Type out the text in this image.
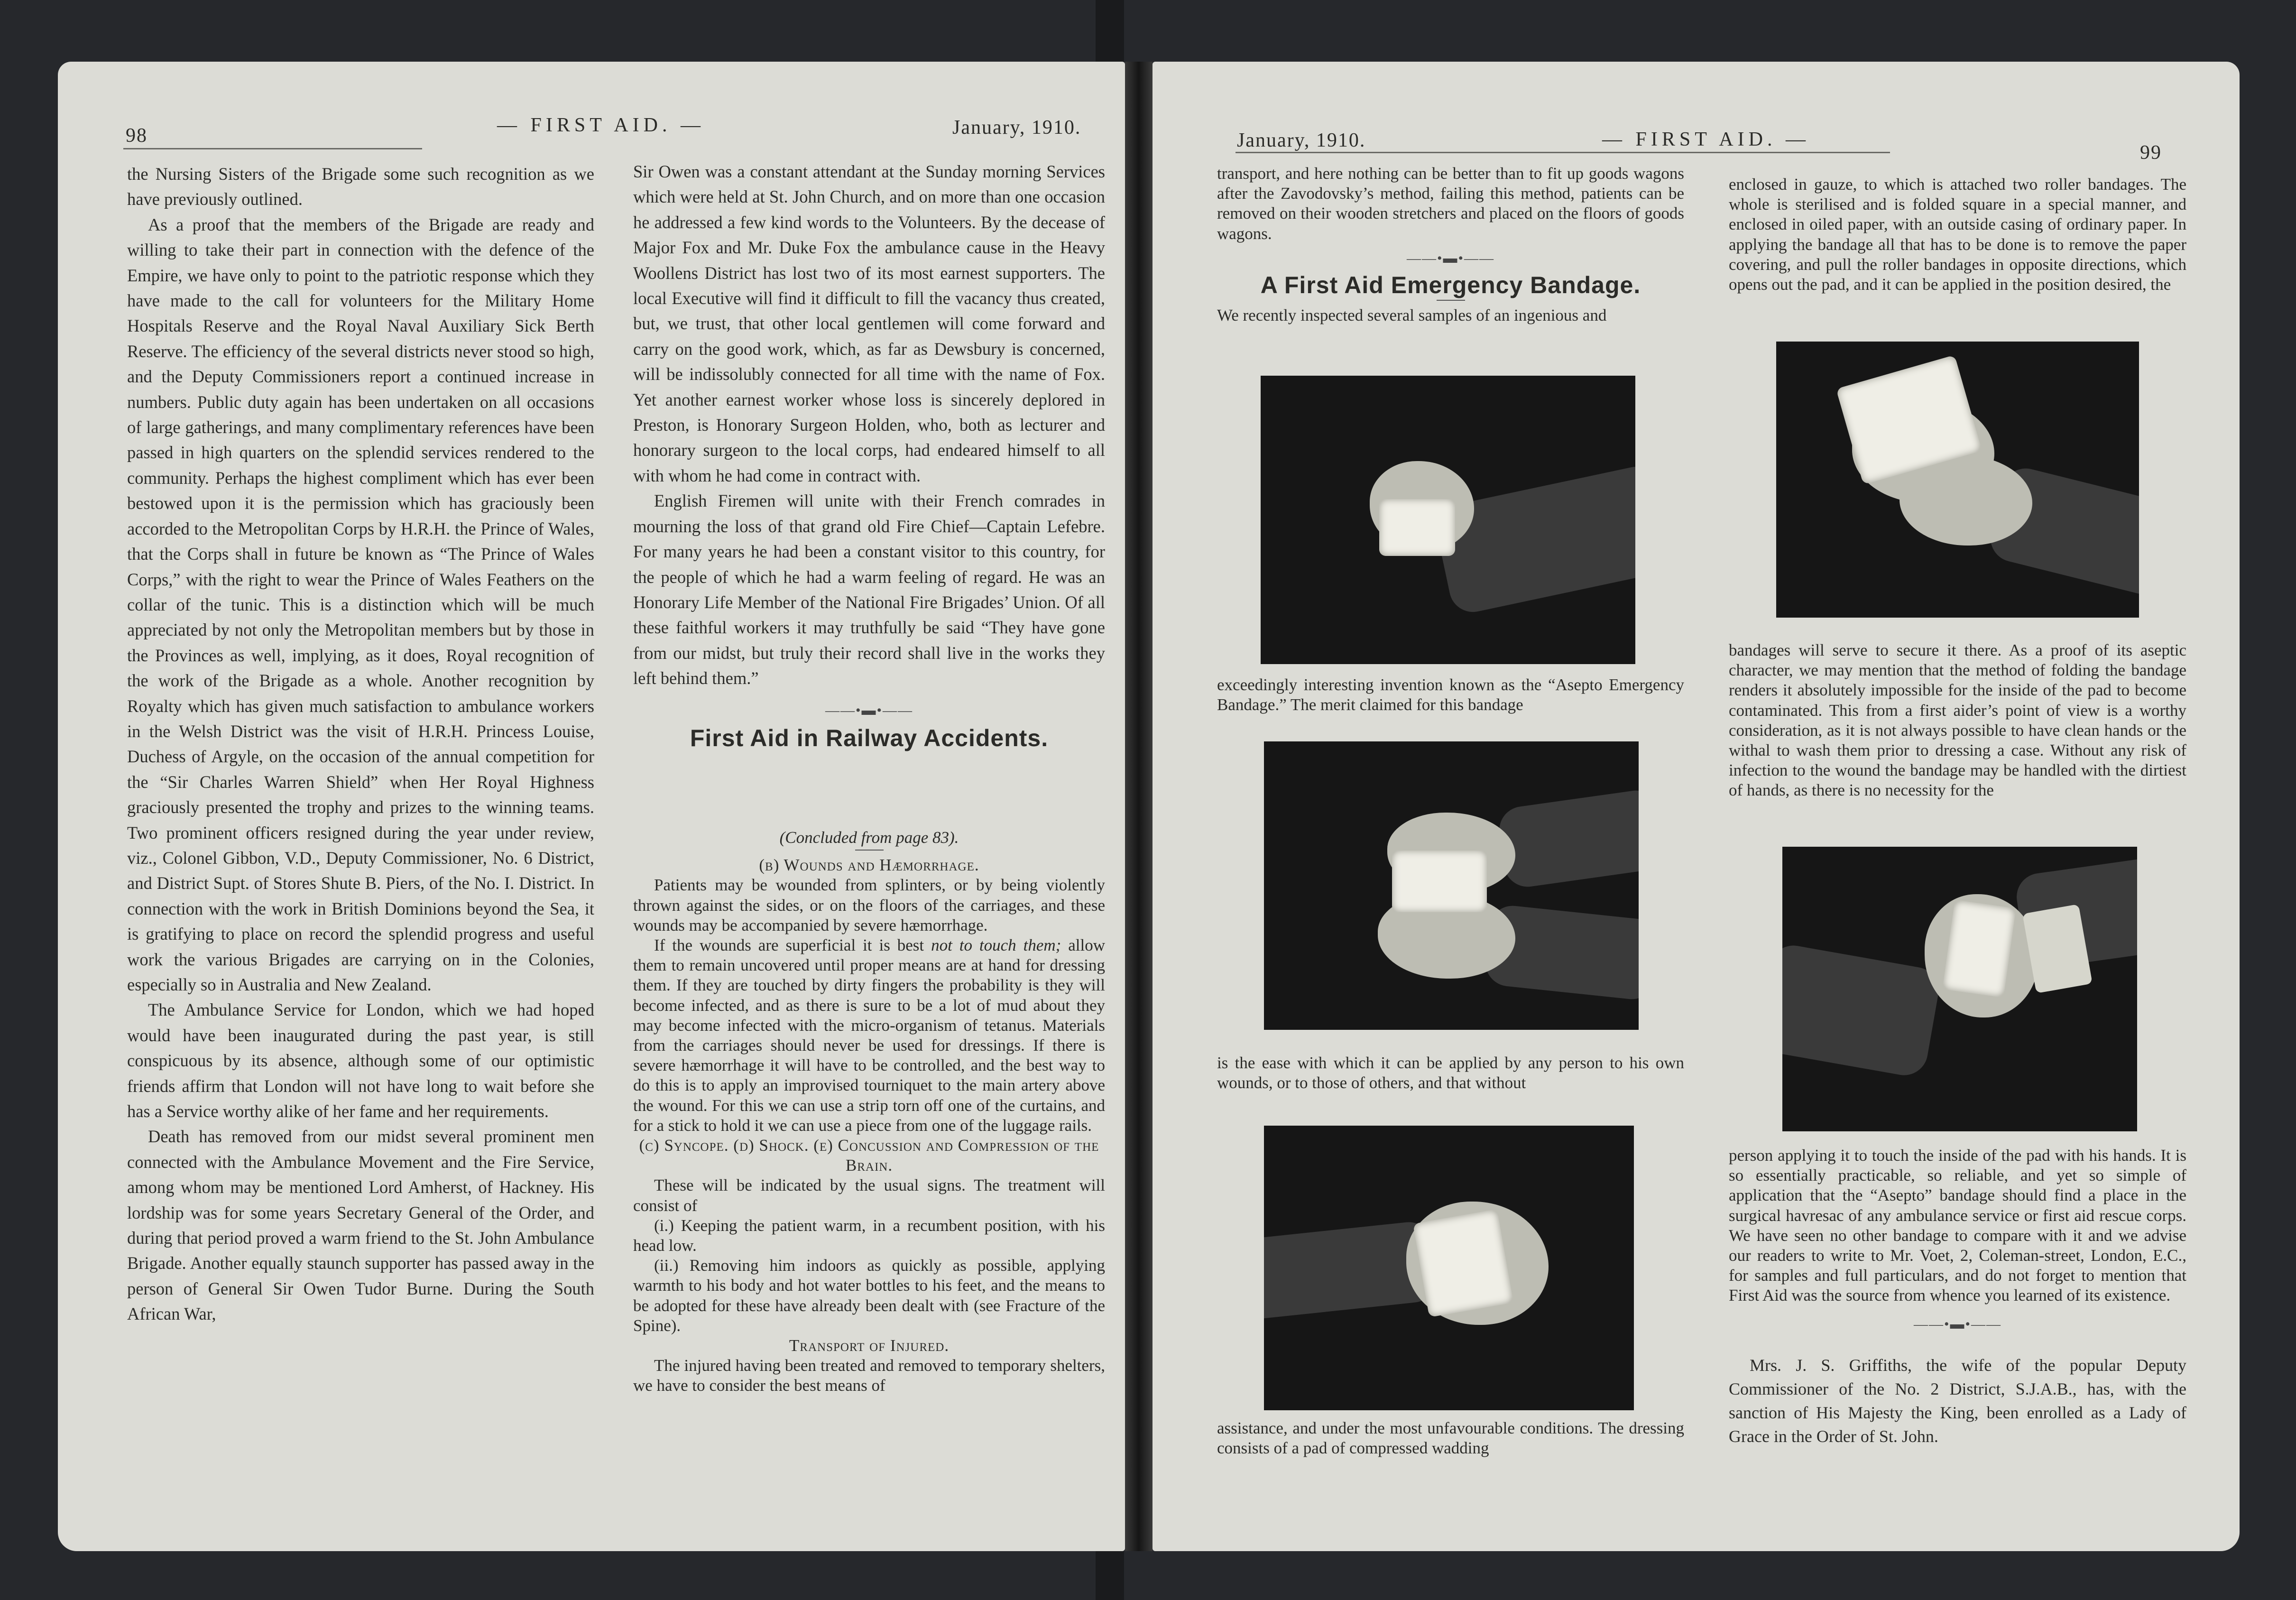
98	— FIRST AID. —	January, 1910.

the Nursing Sisters of the Brigade some such recognition as we have previously outlined.

As a proof that the members of the Brigade are ready and willing to take their part in connection with the defence of the Empire, we have only to point to the patriotic response which they have made to the call for volunteers for the Military Home Hospitals Reserve and the Royal Naval Auxiliary Sick Berth Reserve. The efficiency of the several districts never stood so high, and the Deputy Commissioners report a continued increase in numbers. Public duty again has been undertaken on all occasions of large gatherings, and many complimentary references have been passed in high quarters on the splendid services rendered to the community. Perhaps the highest compliment which has ever been bestowed upon it is the permission which has graciously been accorded to the Metropolitan Corps by H.R.H. the Prince of Wales, that the Corps shall in future be known as “The Prince of Wales Corps,” with the right to wear the Prince of Wales Feathers on the collar of the tunic. This is a distinction which will be much appreciated by not only the Metropolitan members but by those in the Provinces as well, implying, as it does, Royal recognition of the work of the Brigade as a whole. Another recognition by Royalty which has given much satisfaction to ambulance workers in the Welsh District was the visit of H.R.H. Princess Louise, Duchess of Argyle, on the occasion of the annual competition for the “Sir Charles Warren Shield” when Her Royal Highness graciously presented the trophy and prizes to the winning teams. Two prominent officers resigned during the year under review, viz., Colonel Gibbon, V.D., Deputy Commissioner, No. 6 District, and District Supt. of Stores Shute B. Piers, of the No. I. District. In connection with the work in British Dominions beyond the Sea, it is gratifying to place on record the splendid progress and useful work the various Brigades are carrying on in the Colonies, especially so in Australia and New Zealand.

The Ambulance Service for London, which we had hoped would have been inaugurated during the past year, is still conspicuous by its absence, although some of our optimistic friends affirm that London will not have long to wait before she has a Service worthy alike of her fame and her requirements.

Death has removed from our midst several prominent men connected with the Ambulance Movement and the Fire Service, among whom may be mentioned Lord Amherst, of Hackney. His lordship was for some years Secretary General of the Order, and during that period proved a warm friend to the St. John Ambulance Brigade. Another equally staunch supporter has passed away in the person of General Sir Owen Tudor Burne. During the South African War,

Sir Owen was a constant attendant at the Sunday morning Services which were held at St. John Church, and on more than one occasion he addressed a few kind words to the Volunteers. By the decease of Major Fox and Mr. Duke Fox the ambulance cause in the Heavy Woollens District has lost two of its most earnest supporters. The local Executive will find it difficult to fill the vacancy thus created, but, we trust, that other local gentlemen will come forward and carry on the good work, which, as far as Dewsbury is concerned, will be indissolubly connected for all time with the name of Fox. Yet another earnest worker whose loss is sincerely deplored in Preston, is Honorary Surgeon Holden, who, both as lecturer and honorary surgeon to the local corps, had endeared himself to all with whom he had come in contract with.

English Firemen will unite with their French comrades in mourning the loss of that grand old Fire Chief—Captain Lefebre. For many years he had been a constant visitor to this country, for the people of which he had a warm feeling of regard. He was an Honorary Life Member of the National Fire Brigades’ Union. Of all these faithful workers it may truthfully be said “They have gone from our midst, but truly their record shall live in the works they left behind them.”

——•▬•——
First Aid in Railway Accidents.

(Concluded from page 83).

(b) Wounds and Hæmorrhage.

Patients may be wounded from splinters, or by being violently thrown against the sides, or on the floors of the carriages, and these wounds may be accompanied by severe hæmorrhage.

If the wounds are superficial it is best not to touch them; allow them to remain uncovered until proper means are at hand for dressing them. If they are touched by dirty fingers the probability is they will become infected, and as there is sure to be a lot of mud about they may become infected with the micro-organism of tetanus. Materials from the carriages should never be used for dressings. If there is severe hæmorrhage it will have to be controlled, and the best way to do this is to apply an improvised tourniquet to the main artery above the wound. For this we can use a strip torn off one of the curtains, and for a stick to hold it we can use a piece from one of the luggage rails.

(c) Syncope. (d) Shock. (e) Concussion and Compression of the Brain.

These will be indicated by the usual signs. The treatment will consist of

(i.) Keeping the patient warm, in a recumbent position, with his head low.

(ii.) Removing him indoors as quickly as possible, applying warmth to his body and hot water bottles to his feet, and the means to be adopted for these have already been dealt with (see Fracture of the Spine).

Transport of Injured.

The injured having been treated and removed to temporary shelters, we have to consider the best means of

January, 1910.	— FIRST AID. —
99

transport, and here nothing can be better than to fit up goods wagons after the Zavodovsky’s method, failing this method, patients can be removed on their wooden stretchers and placed on the floors of goods wagons.

——•▬•——
A First Aid Emergency Bandage.

We recently inspected several samples of an ingenious and

exceedingly interesting invention known as the “Asepto Emergency Bandage.” The merit claimed for this bandage

is the ease with which it can be applied by any person to his own wounds, or to those of others, and that without

assistance, and under the most unfavourable conditions. The dressing consists of a pad of compressed wadding

enclosed in gauze, to which is attached two roller bandages. The whole is sterilised and is folded square in a special manner, and enclosed in oiled paper, with an outside casing of ordinary paper. In applying the bandage all that has to be done is to remove the paper covering, and pull the roller bandages in opposite directions, which opens out the pad, and it can be applied in the position desired, the

bandages will serve to secure it there. As a proof of its aseptic character, we may mention that the method of folding the bandage renders it absolutely impossible for the inside of the pad to become contaminated. This from a first aider’s point of view is a worthy consideration, as it is not always possible to have clean hands or the withal to wash them prior to dressing a case. Without any risk of infection to the wound the bandage may be handled with the dirtiest of hands, as there is no necessity for the

person applying it to touch the inside of the pad with his hands. It is so essentially practicable, so reliable, and yet so simple of application that the “Asepto” bandage should find a place in the surgical havresac of any ambulance service or first aid rescue corps. We have seen no other bandage to compare with it and we advise our readers to write to Mr. Voet, 2, Coleman-street, London, E.C., for samples and full particulars, and do not forget to mention that First Aid was the source from whence you learned of its existence.

——•▬•——

Mrs. J. S. Griffiths, the wife of the popular Deputy Commissioner of the No. 2 District, S.J.A.B., has, with the sanction of His Majesty the King, been enrolled as a Lady of Grace in the Order of St. John.
